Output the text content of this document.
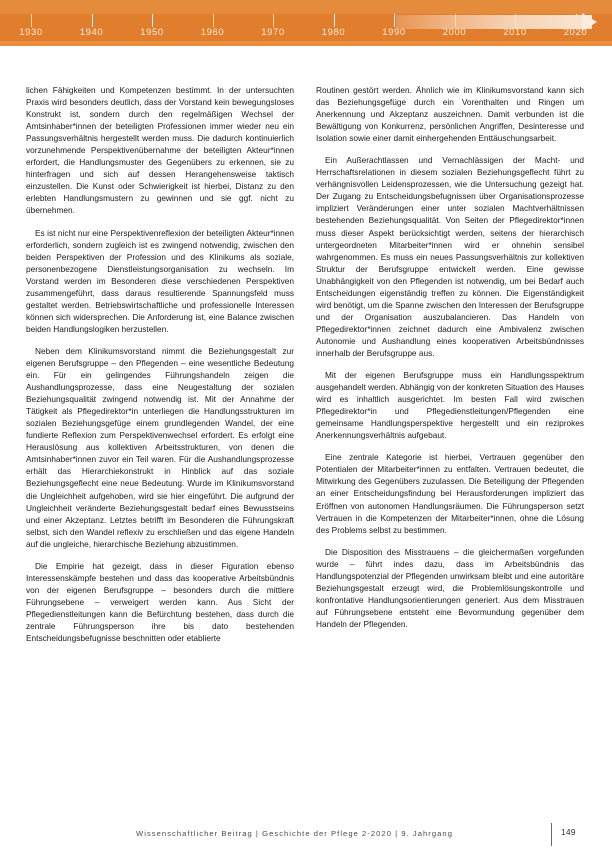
1930	1940	1950	1960	1970	1980	1990	2000	2010	2020

lichen Fähigkeiten und Kompetenzen bestimmt. In der untersuchten Praxis wird besonders deutlich, dass der Vorstand kein bewegungsloses Konstrukt ist, sondern durch den regelmäßigen Wechsel der Amtsinhaber*innen der beteiligten Professionen immer wieder neu ein Passungsverhältnis hergestellt werden muss. Die dadurch kontinuierlich vorzunehmende Perspektivenübernahme der beteiligten Akteur*innen erfordert, die Handlungsmuster des Gegenübers zu erkennen, sie zu hinterfragen und sich auf dessen Herangehensweise taktisch einzustellen. Die Kunst oder Schwierigkeit ist hierbei, Distanz zu den erlebten Handlungsmustern zu gewinnen und sie ggf. nicht zu übernehmen.

Es ist nicht nur eine Perspektivenreflexion der beteiligten Akteur*innen erforderlich, sondern zugleich ist es zwingend notwendig, zwischen den beiden Perspektiven der Profession und des Klinikums als soziale, personenbezogene Dienstleistungsorganisation zu wechseln. Im Vorstand werden im Besonderen diese verschiedenen Perspektiven zusammengeführt, dass daraus resultierende Spannungsfeld muss gestaltet werden. Betriebswirtschaftliche und professionelle Interessen können sich widersprechen. Die Anforderung ist, eine Balance zwischen beiden Handlungslogiken herzustellen.

Neben dem Klinikumsvorstand nimmt die Beziehungsgestalt zur eigenen Berufsgruppe – den Pflegenden – eine wesentliche Bedeutung ein. Für ein gelingendes Führungshandeln zeigen die Aushandlungsprozesse, dass eine Neugestaltung der sozialen Beziehungsqualität zwingend notwendig ist. Mit der Annahme der Tätigkeit als Pflegedirektor*in unterliegen die Handlungsstrukturen im sozialen Beziehungsgefüge einem grundlegenden Wandel, der eine fundierte Reflexion zum Perspektivenwechsel erfordert. Es erfolgt eine Herauslösung aus kollektiven Arbeitsstrukturen, von denen die Amtsinhaber*innen zuvor ein Teil waren. Für die Aushandlungsprozesse erhält das Hierarchiekonstrukt in Hinblick auf das soziale Beziehungsgeflecht eine neue Bedeutung. Wurde im Klinikumsvorstand die Ungleichheit aufgehoben, wird sie hier eingeführt. Die aufgrund der Ungleichheit veränderte Beziehungsgestalt bedarf eines Bewusstseins und einer Akzeptanz. Letztes betrifft im Besonderen die Führungskraft selbst, sich den Wandel reflexiv zu erschließen und das eigene Handeln auf die ungleiche, hierarchische Beziehung abzustimmen.

Die Empirie hat gezeigt, dass in dieser Figuration ebenso Interessenskämpfe bestehen und dass das kooperative Arbeitsbündnis von der eigenen Berufsgruppe – besonders durch die mittlere Führungsebene – verweigert werden kann. Aus Sicht der Pflegedienstleitungen kann die Befürchtung bestehen, dass durch die zentrale Führungsperson ihre bis dato bestehenden Entscheidungsbefugnisse beschnitten oder etablierte

Routinen gestört werden. Ähnlich wie im Klinikumsvorstand kann sich das Beziehungsgefüge durch ein Vorenthalten und Ringen um Anerkennung und Akzeptanz auszeichnen. Damit verbunden ist die Bewältigung von Konkurrenz, persönlichen Angriffen, Desinteresse und Isolation sowie einer damit einhergehenden Enttäuschungsarbeit.

Ein Außerachtlassen und Vernachlässigen der Macht- und Herrschaftsrelationen in diesem sozialen Beziehungsgeflecht führt zu verhängnisvollen Leidensprozessen, wie die Untersuchung gezeigt hat. Der Zugang zu Entscheidungsbefugnissen über Organisationsprozesse impliziert Veränderungen einer unter sozialen Machtverhältnissen bestehenden Beziehungsqualität. Von Seiten der Pflegedirektor*innen muss dieser Aspekt berücksichtigt werden, seitens der hierarchisch untergeordneten Mitarbeiter*innen wird er ohnehin sensibel wahrgenommen. Es muss ein neues Passungsverhältnis zur kollektiven Struktur der Berufsgruppe entwickelt werden. Eine gewisse Unabhängigkeit von den Pflegenden ist notwendig, um bei Bedarf auch Entscheidungen eigenständig treffen zu können. Die Eigenständigkeit wird benötigt, um die Spanne zwischen den Interessen der Berufsgruppe und der Organisation auszubalancieren. Das Handeln von Pflegedirektor*innen zeichnet dadurch eine Ambivalenz zwischen Autonomie und Aushandlung eines kooperativen Arbeitsbündnisses innerhalb der Berufsgruppe aus.

Mit der eigenen Berufsgruppe muss ein Handlungsspektrum ausgehandelt werden. Abhängig von der konkreten Situation des Hauses wird es inhaltlich ausgerichtet. Im besten Fall wird zwischen Pflegedirektor*in und Pflegedienstleitungen/Pflegenden eine gemeinsame Handlungsperspektive hergestellt und ein reziprokes Anerkennungsverhältnis aufgebaut.

Eine zentrale Kategorie ist hierbei, Vertrauen gegenüber den Potentialen der Mitarbeiter*innen zu entfalten. Vertrauen bedeutet, die Mitwirkung des Gegenübers zuzulassen. Die Beteiligung der Pflegenden an einer Entscheidungsfindung bei Herausforderungen impliziert das Eröffnen von autonomen Handlungsräumen. Die Führungsperson setzt Vertrauen in die Kompetenzen der Mitarbeiter*innen, ohne die Lösung des Problems selbst zu bestimmen.

Die Disposition des Misstrauens – die gleichermaßen vorgefunden wurde – führt indes dazu, dass im Arbeitsbündnis das Handlungspotenzial der Pflegenden unwirksam bleibt und eine autoritäre Beziehungsgestalt erzeugt wird, die Problemlösungskontrolle und konfrontative Handlungsorientierungen generiert. Aus dem Misstrauen auf Führungsebene entsteht eine Bevormundung gegenüber dem Handeln der Pflegenden.

Wissenschaftlicher Beitrag | Geschichte der Pflege 2-2020 | 9. Jahrgang	149
